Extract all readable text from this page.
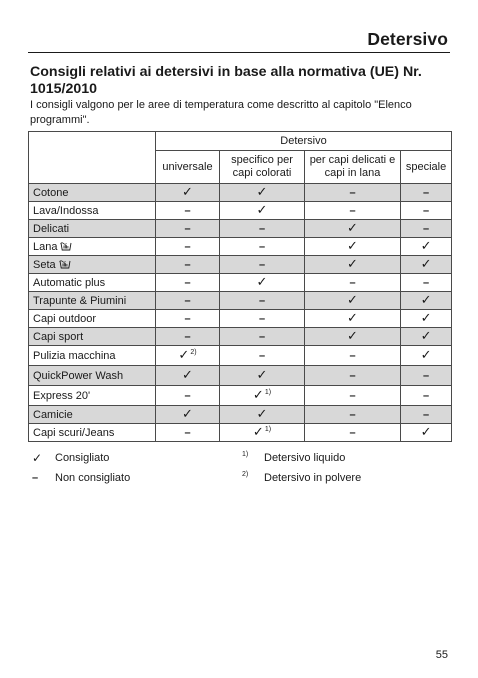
Detersivo
Consigli relativi ai detersivi in base alla normativa (UE) Nr. 1015/2010
I consigli valgono per le aree di temperatura come descritto al capitolo "Elenco programmi".
	Detersivo			
	universale	specifico per capi colorati	per capi delicati e capi in lana	speciale
Cotone	✓	✓	–	–
Lava/Indossa	–	✓	–	–
Delicati	–	–	✓	–
Lana	–	–	✓	✓
Seta	–	–	✓	✓
Automatic plus	–	✓	–	–
Trapunte & Piumini	–	–	✓	✓
Capi outdoor	–	–	✓	✓
Capi sport	–	–	✓	✓
Pulizia macchina	✓$^{2)}$	–	–	✓
QuickPower Wash	✓	✓	–	–
Express 20'	–	✓$^{1)}$	–	–
Camicie	✓	✓	–	–
Capi scuri/Jeans	–	✓$^{1)}$	–	✓
✓	Consigliato
–	Non consigliato
1)	Detersivo liquido
2)	Detersivo in polvere
55
